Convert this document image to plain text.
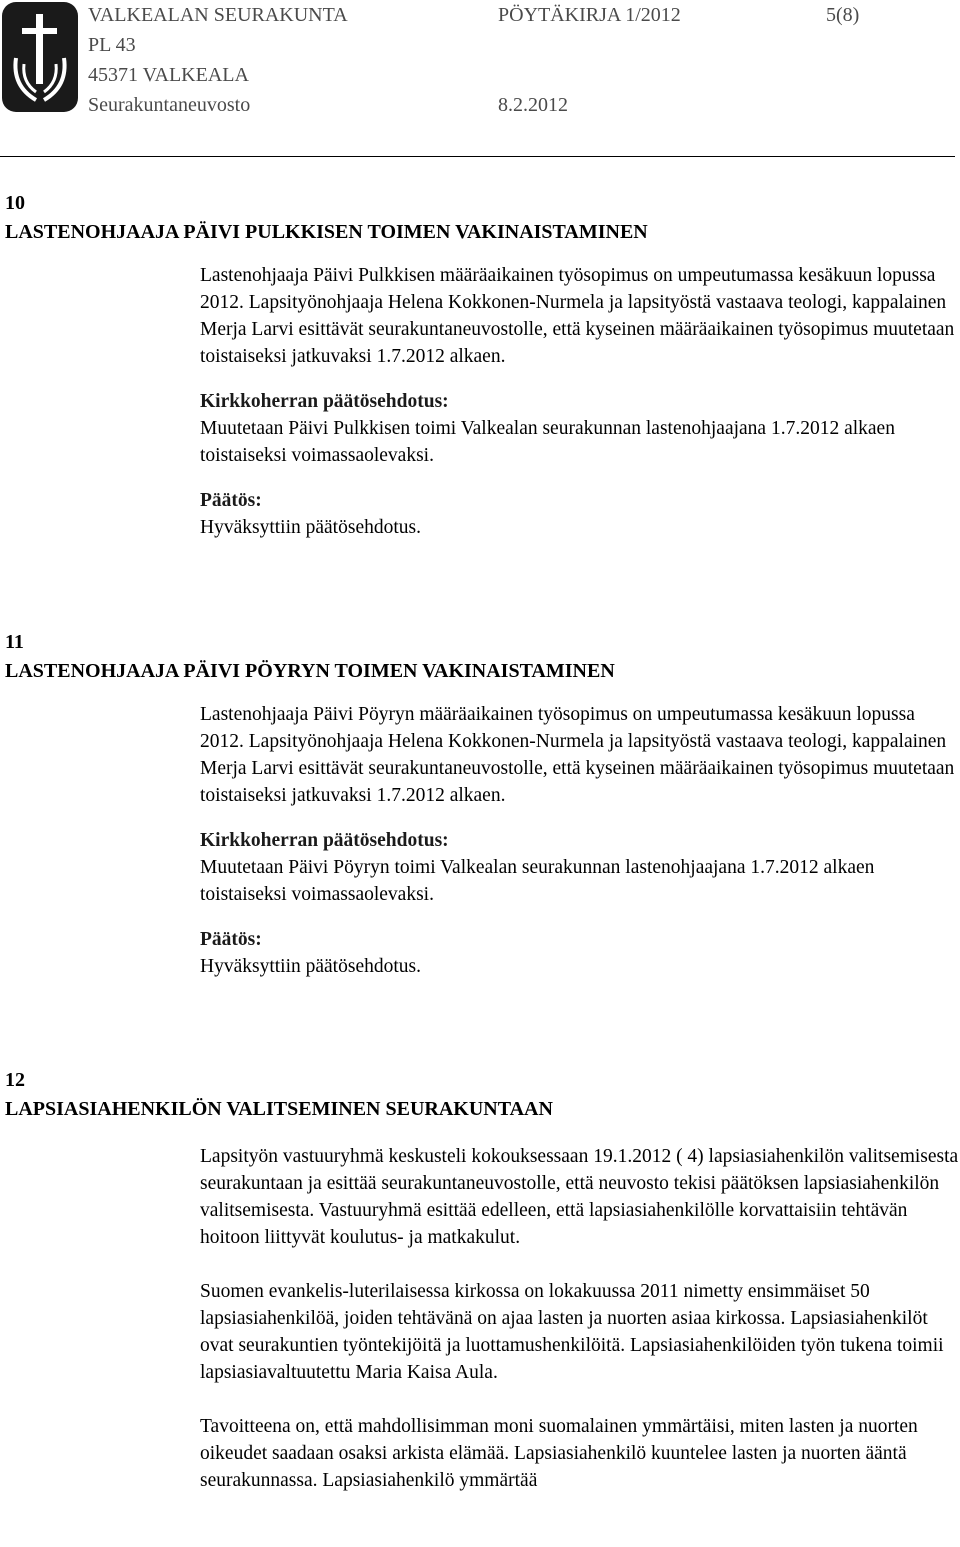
VALKEALAN SEURAKUNTA	PÖYTÄKIRJA 1/2012	5(8)
PL 43
45371 VALKEALA
Seurakuntaneuvosto	8.2.2012
10
LASTENOHJAAJA PÄIVI PULKKISEN TOIMEN VAKINAISTAMINEN

Lastenohjaaja Päivi Pulkkisen määräaikainen työsopimus on umpeutumassa kesäkuun lopussa 2012. Lapsityönohjaaja Helena Kokkonen-Nurmela ja lapsityöstä vastaava teologi, kappalainen Merja Larvi esittävät seurakuntaneuvostolle, että kyseinen määräaikainen työsopimus muutetaan toistaiseksi jatkuvaksi 1.7.2012 alkaen.

Kirkkoherran päätösehdotus:

Muutetaan Päivi Pulkkisen toimi Valkealan seurakunnan lastenohjaajana 1.7.2012 alkaen toistaiseksi voimassaolevaksi.

Päätös:

Hyväksyttiin päätösehdotus.

11
LASTENOHJAAJA PÄIVI PÖYRYN TOIMEN VAKINAISTAMINEN

Lastenohjaaja Päivi Pöyryn määräaikainen työsopimus on umpeutumassa kesäkuun lopussa 2012. Lapsityönohjaaja Helena Kokkonen-Nurmela ja lapsityöstä vastaava teologi, kappalainen Merja Larvi esittävät seurakuntaneuvostolle, että kyseinen määräaikainen työsopimus muutetaan toistaiseksi jatkuvaksi 1.7.2012 alkaen.

Kirkkoherran päätösehdotus:

Muutetaan Päivi Pöyryn toimi Valkealan seurakunnan lastenohjaajana 1.7.2012 alkaen toistaiseksi voimassaolevaksi.

Päätös:

Hyväksyttiin päätösehdotus.

12
LAPSIASIAHENKILÖN VALITSEMINEN SEURAKUNTAAN

Lapsityön vastuuryhmä keskusteli kokouksessaan 19.1.2012 ( 4) lapsiasiahenkilön valitsemisesta seurakuntaan ja esittää seurakuntaneuvostolle, että neuvosto tekisi päätöksen lapsiasiahenkilön valitsemisesta. Vastuuryhmä esittää edelleen, että lapsiasiahenkilölle korvattaisiin tehtävän hoitoon liittyvät koulutus- ja matkakulut.

Suomen evankelis-luterilaisessa kirkossa on lokakuussa 2011 nimetty ensimmäiset 50 lapsiasiahenkilöä, joiden tehtävänä on ajaa lasten ja nuorten asiaa kirkossa. Lapsiasiahenkilöt ovat seurakuntien työntekijöitä ja luottamushenkilöitä. Lapsiasiahenkilöiden työn tukena toimii lapsiasiavaltuutettu Maria Kaisa Aula.

Tavoitteena on, että mahdollisimman moni suomalainen ymmärtäisi, miten lasten ja nuorten oikeudet saadaan osaksi arkista elämää. Lapsiasiahenkilö kuuntelee lasten ja nuorten ääntä seurakunnassa. Lapsiasiahenkilö ymmärtää
